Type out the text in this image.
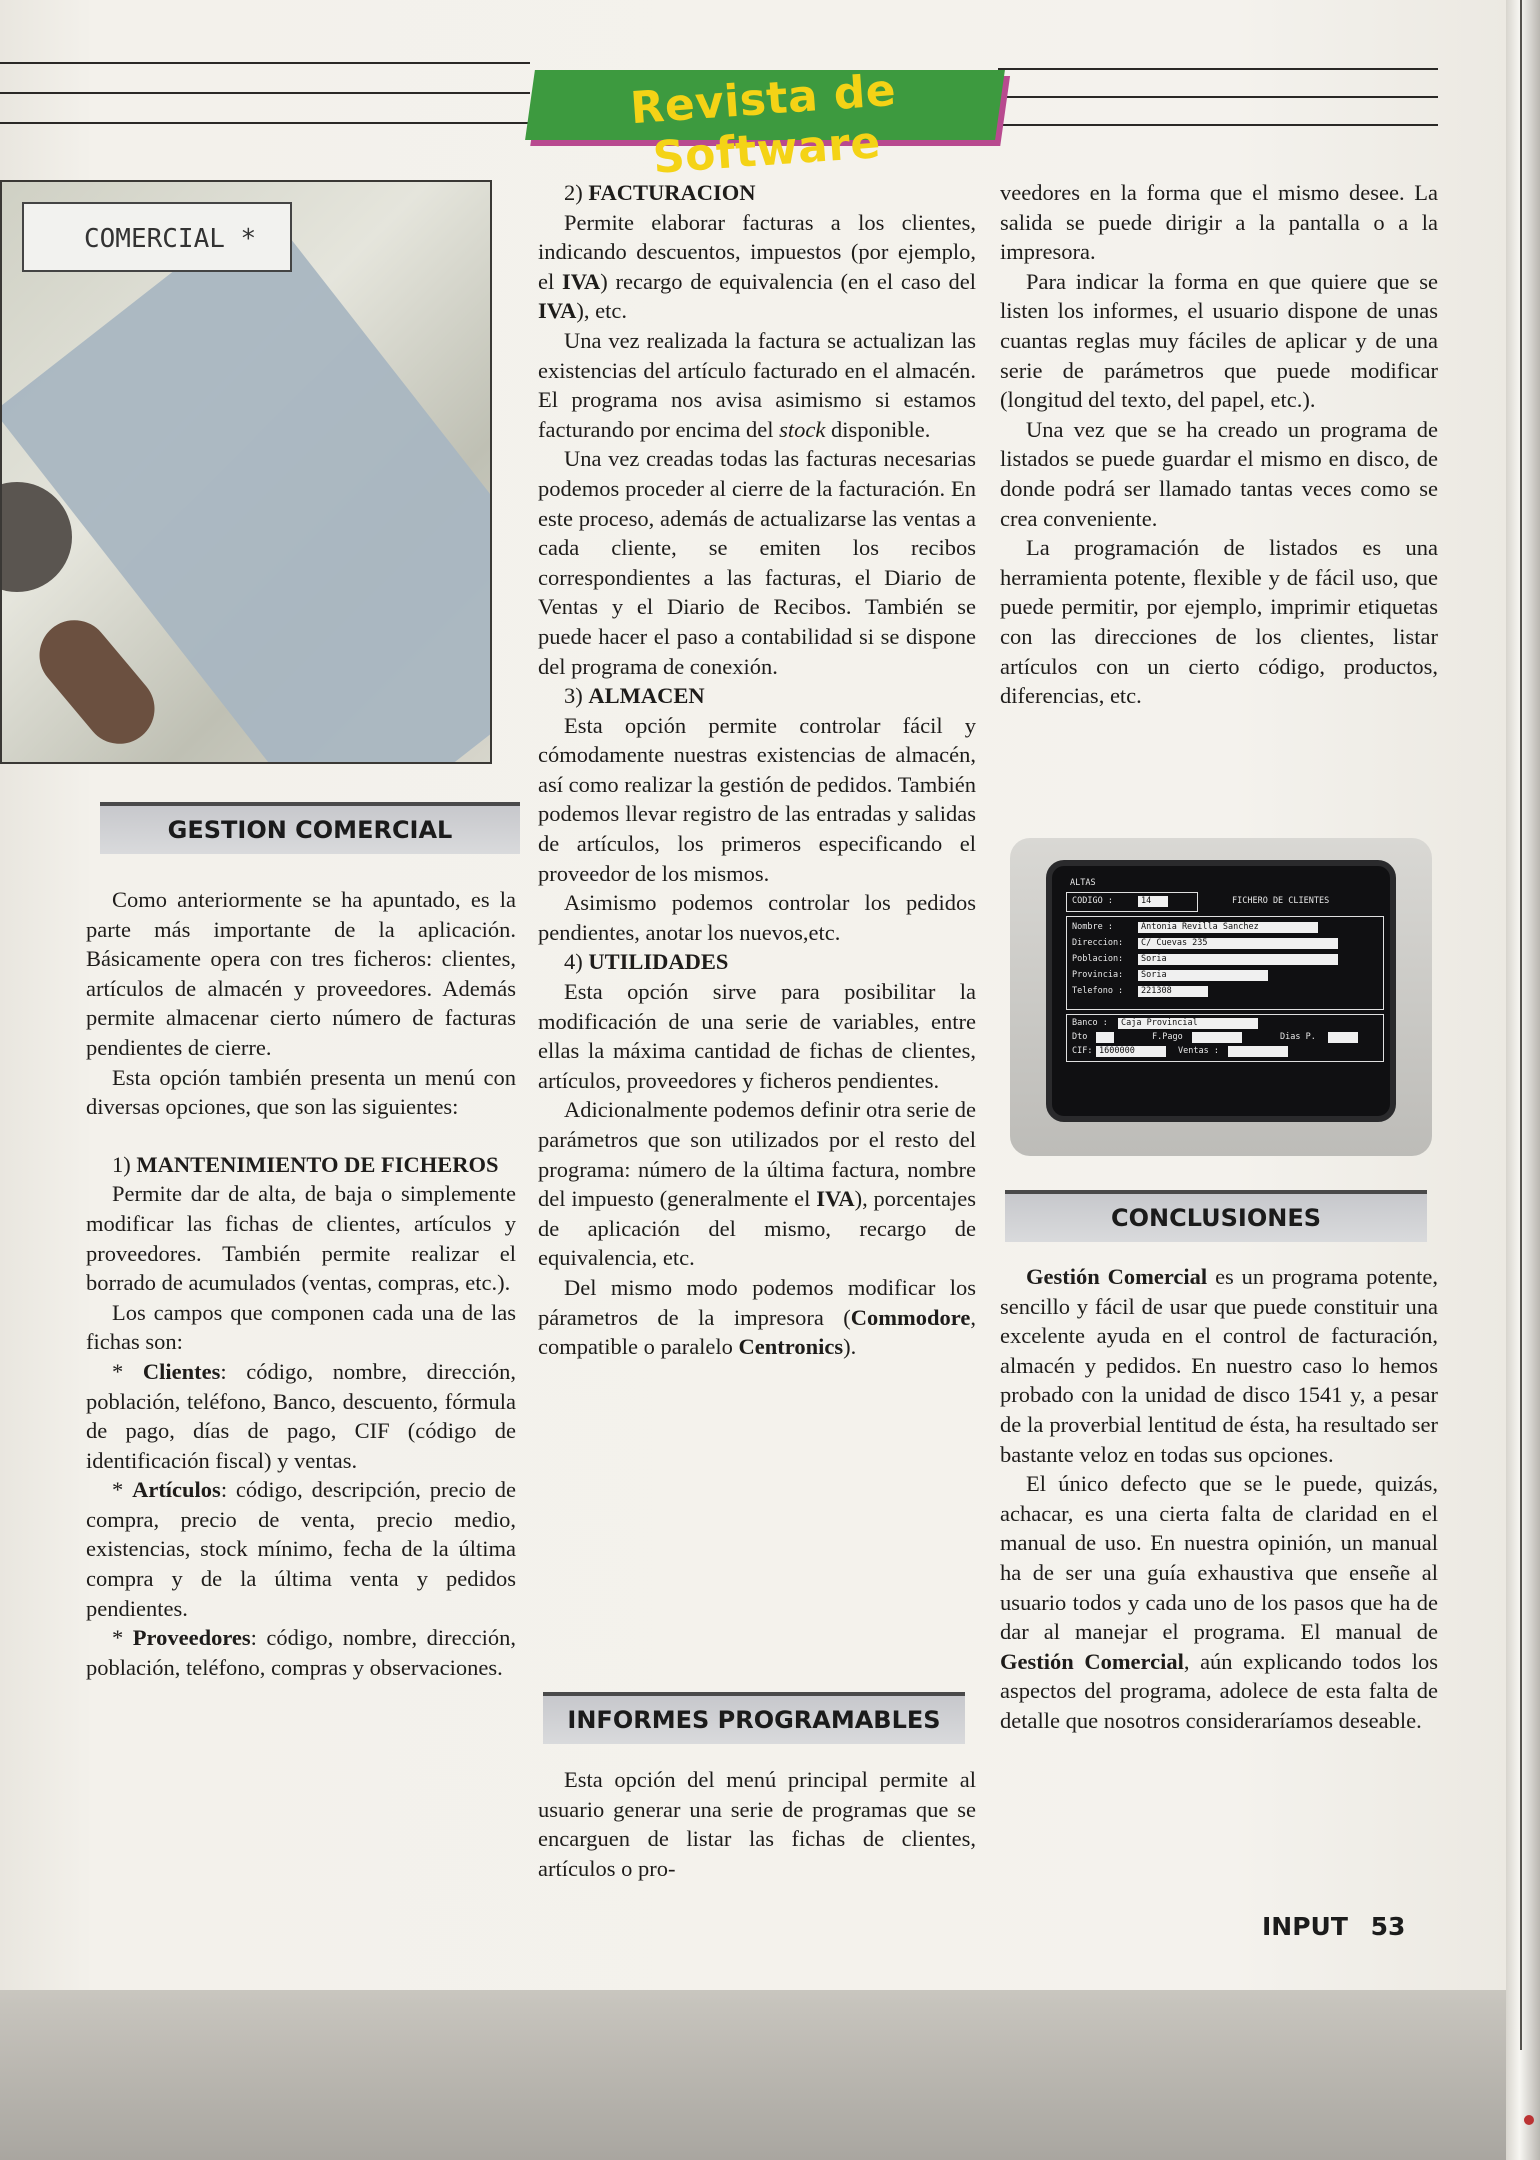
Revista de Software
COMERCIAL *
GESTION COMERCIAL

Como anteriormente se ha apuntado, es la parte más importante de la aplicación. Básicamente opera con tres ficheros: clientes, artículos de almacén y proveedores. Además permite almacenar cierto número de facturas pendientes de cierre.

Esta opción también presenta un menú con diversas opciones, que son las siguientes:

1) MANTENIMIENTO DE FICHEROS

Permite dar de alta, de baja o simplemente modificar las fichas de clientes, artículos y proveedores. También permite realizar el borrado de acumulados (ventas, compras, etc.).

Los campos que componen cada una de las fichas son:

* Clientes: código, nombre, dirección, población, teléfono, Banco, descuento, fórmula de pago, días de pago, CIF (código de identificación fiscal) y ventas.

* Artículos: código, descripción, precio de compra, precio de venta, precio medio, existencias, stock mínimo, fecha de la última compra y de la última venta y pedidos pendientes.

* Proveedores: código, nombre, dirección, población, teléfono, compras y observaciones.

2) FACTURACION

Permite elaborar facturas a los clientes, indicando descuentos, impuestos (por ejemplo, el IVA) recargo de equivalencia (en el caso del IVA), etc.

Una vez realizada la factura se actualizan las existencias del artículo facturado en el almacén. El programa nos avisa asimismo si estamos facturando por encima del stock disponible.

Una vez creadas todas las facturas necesarias podemos proceder al cierre de la facturación. En este proceso, además de actualizarse las ventas a cada cliente, se emiten los recibos correspondientes a las facturas, el Diario de Ventas y el Diario de Recibos. También se puede hacer el paso a contabilidad si se dispone del programa de conexión.

3) ALMACEN

Esta opción permite controlar fácil y cómodamente nuestras existencias de almacén, así como realizar la gestión de pedidos. También podemos llevar registro de las entradas y salidas de artículos, los primeros especificando el proveedor de los mismos.

Asimismo podemos controlar los pedidos pendientes, anotar los nuevos,etc.

4) UTILIDADES

Esta opción sirve para posibilitar la modificación de una serie de variables, entre ellas la máxima cantidad de fichas de clientes, artículos, proveedores y ficheros pendientes.

Adicionalmente podemos definir otra serie de parámetros que son utilizados por el resto del programa: número de la última factura, nombre del impuesto (generalmente el IVA), porcentajes de aplicación del mismo, recargo de equivalencia, etc.

Del mismo modo podemos modificar los párametros de la impresora (Commodore, compatible o paralelo Centronics).

INFORMES PROGRAMABLES

Esta opción del menú principal permite al usuario generar una serie de programas que se encarguen de listar las fichas de clientes, artículos o pro-

veedores en la forma que el mismo desee. La salida se puede dirigir a la pantalla o a la impresora.

Para indicar la forma en que quiere que se listen los informes, el usuario dispone de unas cuantas reglas muy fáciles de aplicar y de una serie de parámetros que puede modificar (longitud del texto, del papel, etc.).

Una vez que se ha creado un programa de listados se puede guardar el mismo en disco, de donde podrá ser llamado tantas veces como se crea conveniente.

La programación de listados es una herramienta potente, flexible y de fácil uso, que puede permitir, por ejemplo, imprimir etiquetas con las direcciones de los clientes, listar artículos con un cierto código, productos, diferencias, etc.

ALTAS
CODIGO :	14	FICHERO DE CLIENTES
Nombre :	Antonia Revilla Sanchez
Direccion:	C/ Cuevas 235
Poblacion:	Soria
Provincia:	Soria
Telefono :	221308
Banco :	Caja Provincial
Dto	F.Pago	Dias P.
CIF: 1600000	Ventas :
CONCLUSIONES

Gestión Comercial es un programa potente, sencillo y fácil de usar que puede constituir una excelente ayuda en el control de facturación, almacén y pedidos. En nuestro caso lo hemos probado con la unidad de disco 1541 y, a pesar de la proverbial lentitud de ésta, ha resultado ser bastante veloz en todas sus opciones.

El único defecto que se le puede, quizás, achacar, es una cierta falta de claridad en el manual de uso. En nuestra opinión, un manual ha de ser una guía exhaustiva que enseñe al usuario todos y cada uno de los pasos que ha de dar al manejar el programa. El manual de Gestión Comercial, aún explicando todos los aspectos del programa, adolece de esta falta de detalle que nosotros consideraríamos deseable.

INPUT 53
